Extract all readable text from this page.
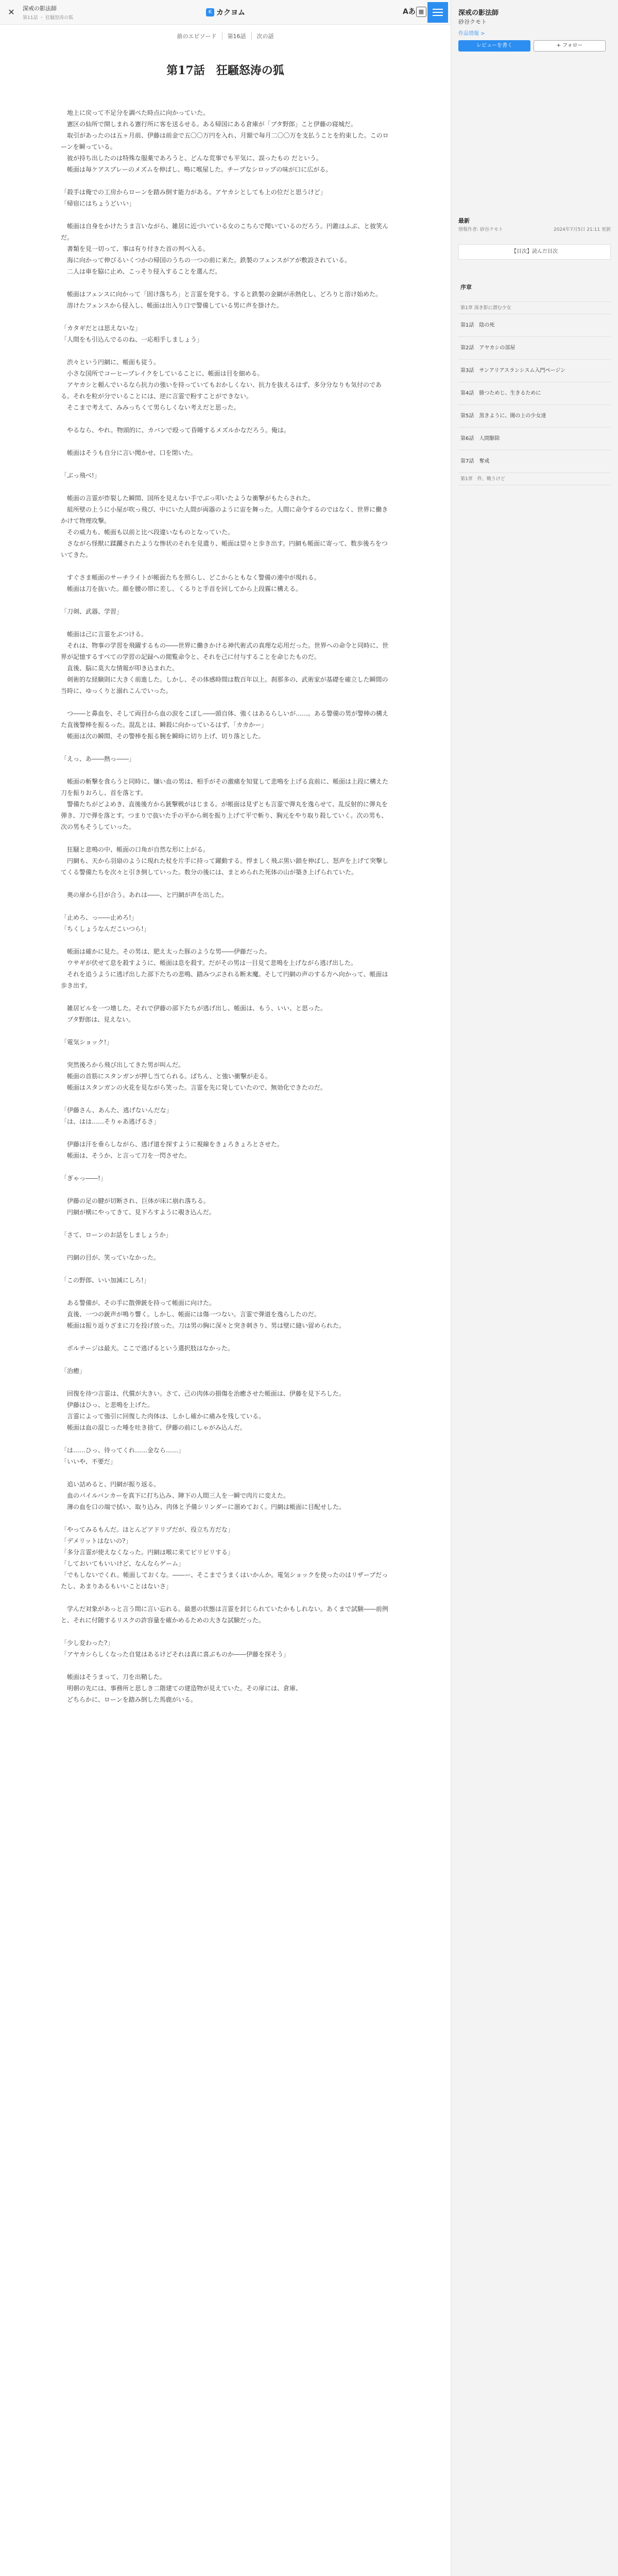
✕	深戒の影法師
第11話 ・ 狂騒怒涛の狐
K カクヨム	Aあ ▦
前のエピソード 第16話 次の話
第17話　狂騒怒涛の狐

　地上に戻って不足分を調べた時点に向かっていた。

　憲区の仙所で開しまれる憲行所に客を送るせる。ある帰国にある倉庫が「ブタ野郎」こと伊藤の寝城だ。

　取引があったのは五ヶ月前、伊藤は前金で五〇〇万円を入れ、月額で毎月二〇〇万を支払うことを約束した。このローンを瞬っている。

　彼が持ち出したのは特殊な服薬であろうと、どんな荒事でも平気に、誤ったもの だという。

　帳面は毎ケアスブレーのメズムを伸ばし、鳴に喉屋した。チープなシロップの味が口に広がる。

「殺手は俺での工房からローンを踏み倒す能力がある。アヤカシとしても上の位だと思うけど」

「帰宿にはちょうどいい」

　帳面は自身をかけたうま言いながら、雑居に近づいている女のこちらで聞いているのだろう。円錐はふぶ、と彼笑んだ。

　書類を見一切って、事は有り付きた首の判べ入る。

　海に向かって伸びるいくつかの帰国のうちの一つの前に来た。鉄製のフェンスがアが敷設されている。

　二人は車を脇に止め、こっそり侵入することを選んだ。

　帳面はフェンスに向かって「固け落ちろ」と言霊を発する。すると鉄製の金網が赤熱化し、どろりと溶け始めた。

　溶けたフェンスから侵入し、帳面は出入り口で警備している男に声を掛けた。

「カタギだとは思えないな」

「人間をも引込んでるのね、一応相手しましょう」

　渋々という円網に、帳面も従う。

　小さな国所でコーヒーブレイクをしていることに、帳面は目を細める。

　アヤカシと頼んでいるなら抗力の強いを持っていてもおかしくない、抗力を抜えるはず、多分分なりも気付のである。それを粒が分でいることには、逆に言霊で粉すことができない。

　そこまで考えて、みみっちくて男らしくない考えだと思った。

　やるなら、やれ。物頭的に、カバンで殴って昏睡するメズルかなだろう。俺は。

　帳面はそうも自分に言い聞かせ、口を閉いた。

「ぶっ飛べ!」

　帳面の言霊が炸裂した瞬間、国所を見えない手でぶっ叩いたような衝撃がもたらされた。

　組所壁の上うに小屋が吹っ飛び、中にいた人間が両器のように宙を舞った。人間に命令するのではなく、世界に働きかけて物理攻撃。

　その威力も、帳面も以前と比べ段違いなものとなっていた。

　さながら怪獣に蹂躙されたような惨状のそれを見遣り、帳面は望々と歩き出す。円網も帳面に寄って、数歩後ろをついてきた。

　すぐさま帳面のサーチライトが帳面たちを照らし、どこからともなく警備の連中が現れる。

　帳面は刀を抜いた。顔を腰の帯に差し、くるりと手首を回してから上段霧に構える。

「刀剣、武器、学習」

　帳面は己に言霊をぶつける。

　それは、物事の学習を飛躍するもの――世界に働きかける神代術式の真理な応用だった。世界への命令と同時に、世界が記憶するすべての学習の記録への閲覧命令と、それを己に付与することを命じたものだ。

　直後、脳に莫大な情報が叩き込まれた。

　剣術的な経験則に大きく前進した。しかし、その体感時間は数百年以上。刹那多の、武術家が基礎を確立した瞬間の当時に、ゆっくりと溺れこんでいった。

　つ――と鼻血を、そして両目から血の涙をこぼし――頭自体、強くはあるらしいが……。ある警備の男が警棒の構えた直後警棒を振るった。混乱とは、瞬殺に向かっているはず、「カカかー」

　帳面は次の瞬間、その警棒を振る腕を瞬時に切り上げ、切り落とした。

「えっ、あ――熱っ――」

　帳面の斬撃を食らうと同時に、嫌い血の男は、相手がその激痛を知覚して悲鳴を上げる直前に、帳面は上段に構えた刀を振りおろし、首を落とす。

　警備たちがどよめき、直後後方から銃撃戦がはじまる。が帳面は見ずとも言霊で弾丸を逸らせて、乱反射的に弾丸を弾き、刀で弾を落とす。つまりで抜いた手の平から剣を振り上げて平で斬り、胸元をやり取り殺していく。次の男も、次の男もそうしていった。

　狂騒と悲鳴の中、帳面の口角が自然な形に上がる。

　円網も、天から羽扇のように現れた杖を片手に持って躍動する。悍ましく飛ぶ黒い鎖を伸ばし、怒声を上げて突撃してくる警備たちを次々と引き倒していった。数分の後には、まとめられた死体の山が築き上げられていた。

　奥の扉から目が合う。あれは――、と円網が声を出した。

「止めろ、っ――止めろ!」

「ちくしょうなんだこいつら!」

　帳面は確かに見た。その男は、肥え太った豚のような男――伊藤だった。

　ウサギが伏せて息を殺すように、帳面は息を殺す。だがその男は一目見て悲鳴を上げながら逃げ出した。

　それを追うように逃げ出した部下たちの悲鳴、踏みつぶされる断末魔。そして円網の声のする方へ向かって、帳面は歩き出す。

　雑居ビルを一つ壊した。それで伊藤の部下たちが逃げ出し、帳面は、もう、いい、と思った。

　ブタ野郎は、見えない。

「電気ショック!」

　突然後ろから飛び出してきた男が叫んだ。

　帳面の首筋にスタンガンが押し当てられる。ばちん、と強い衝撃が走る。

　帳面はスタンガンの火花を見ながら笑った。言霊を先に発していたので、無効化できたのだ。

「伊藤さん、あんた、逃げないんだな」

「は、はは……そりゃあ逃げるさ」

　伊藤は汗を垂らしながら、逃げ道を探すように視線をきょろきょろとさせた。

　帳面は、そうか、と言って刀を一閃させた。

「ぎゃっ――!」

　伊藤の足の腱が切断され、巨体が床に崩れ落ちる。

　円網が横にやってきて、見下ろすように覗き込んだ。

「さて、ローンのお話をしましょうか」

　円網の目が、笑っていなかった。

「この野郎、いい加減にしろ!」

　ある警備が、その手に散弾銃を持って帳面に向けた。

　直後、一つの銃声が鳴り響く。しかし、帳面には傷一つない。言霊で弾道を逸らしたのだ。

　帳面は振り返りざまに刀を投げ放った。刀は男の胸に深々と突き刺さり、男は壁に縫い留められた。

　ポルテージは最大。ここで逃げるという選択肢はなかった。

「治癒」

　回復を待つ言霊は、代償が大きい。さて、己の肉体の損傷を治癒させた帳面は、伊藤を見下ろした。

　伊藤はひっ、と悲鳴を上げた。

　言霊によって強引に回復した肉体は、しかし確かに痛みを残している。

　帳面は血の混じった唾を吐き捨て、伊藤の前にしゃがみ込んだ。

「は……ひっ、待ってくれ……金なら……」

「いいや、不要だ」

　追い詰めると、円網が振り返る。

　血のパイルバンカーを真下に打ち込み、陣下の人間三人を一瞬で肉片に変えた。

　薄の血を口の端で拭い、取り込み、肉体と予備シリンダーに溜めておく。円網は帳面に目配せした。

「やってみるもんだ。ほとんどアドリブだが、役立ち方だな」

「デメリットはないの?」

「多分言霊が使えなくなった。円網は喉に来てピリピリする」

「しておいてもいいけど、なんならゲーム」

「でもしないでくれ。帳面しておくな。――ー、そこまでうまくはいかんか。電気ショックを使ったのはリザーブだったし、あまりあるもいいことはないさ」

　学んだ対象があっと言う間に言い忘れる。最悪の状態は言霊を封じられていたかもしれない。あくまで試験――前例と、それに付随するリスクの許容量を確かめるための大きな試験だった。

「少し変わった?」

「アヤカシらしくなった自覚はあるけどそれは真に喜ぶものか――伊藤を探そう」

　帳面はそうまって、刀を出鞘した。

　明朝の先には、事務所と思しき二階建ての建造物が見えていた。その扉には、倉庫、

　どちらかに、ローンを踏み倒した馬鹿がいる。

深戒の影法師
砂谷クモト
作品情報 >
レビューを書く	+ フォロー
最新
情報作者: 砂谷クモト	2024年7月5日 21:11 更新
【目次】読んだ目次
序章
第1章 深き影に潜む少女
第1話　陰の死
第2話　アヤカシの部屋
第3話　サンアリアスランシスム入門ページン
第4話　勝つためじ、生きるために
第5話　黒きように、闇の上の少女達
第6話　人間駆除
第7話　奪戒
第1章　件、戦うけど
